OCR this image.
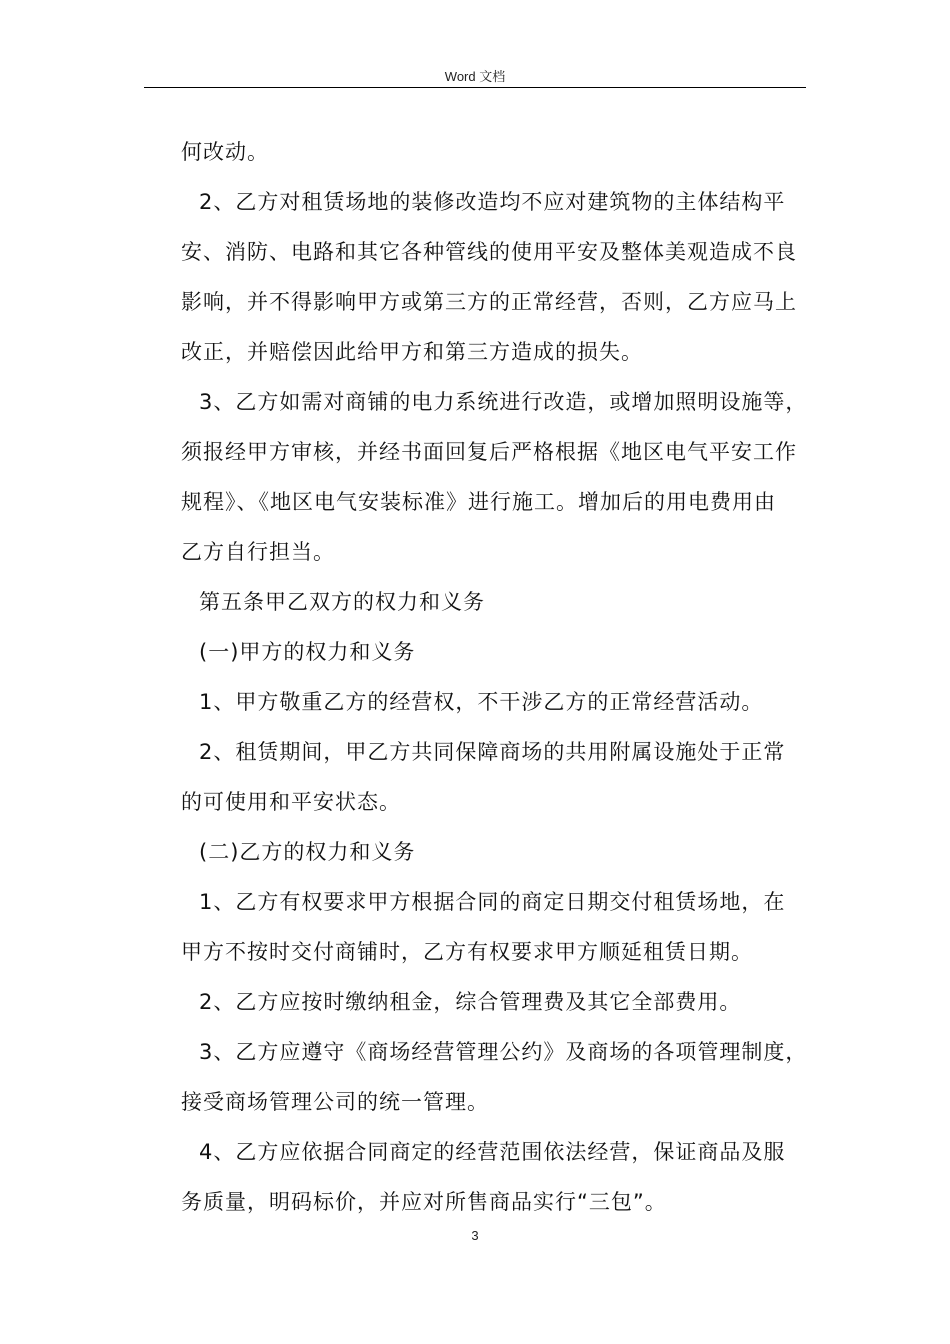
Word 文档
何改动。
2、乙方对租赁场地的装修改造均不应对建筑物的主体结构平
安、消防、电路和其它各种管线的使用平安及整体美观造成不良
影响，并不得影响甲方或第三方的正常经营，否则，乙方应马上
改正，并赔偿因此给甲方和第三方造成的损失。
3、乙方如需对商铺的电力系统进行改造，或增加照明设施等，
须报经甲方审核，并经书面回复后严格根据《地区电气平安工作
规程》、《地区电气安装标准》进行施工。增加后的用电费用由
乙方自行担当。
第五条甲乙双方的权力和义务
(一)甲方的权力和义务
1、甲方敬重乙方的经营权，不干涉乙方的正常经营活动。
2、租赁期间，甲乙方共同保障商场的共用附属设施处于正常
的可使用和平安状态。
(二)乙方的权力和义务
1、乙方有权要求甲方根据合同的商定日期交付租赁场地，在
甲方不按时交付商铺时，乙方有权要求甲方顺延租赁日期。
2、乙方应按时缴纳租金，综合管理费及其它全部费用。
3、乙方应遵守《商场经营管理公约》及商场的各项管理制度，
接受商场管理公司的统一管理。
4、乙方应依据合同商定的经营范围依法经营，保证商品及服
务质量，明码标价，并应对所售商品实行“三包”。
3
